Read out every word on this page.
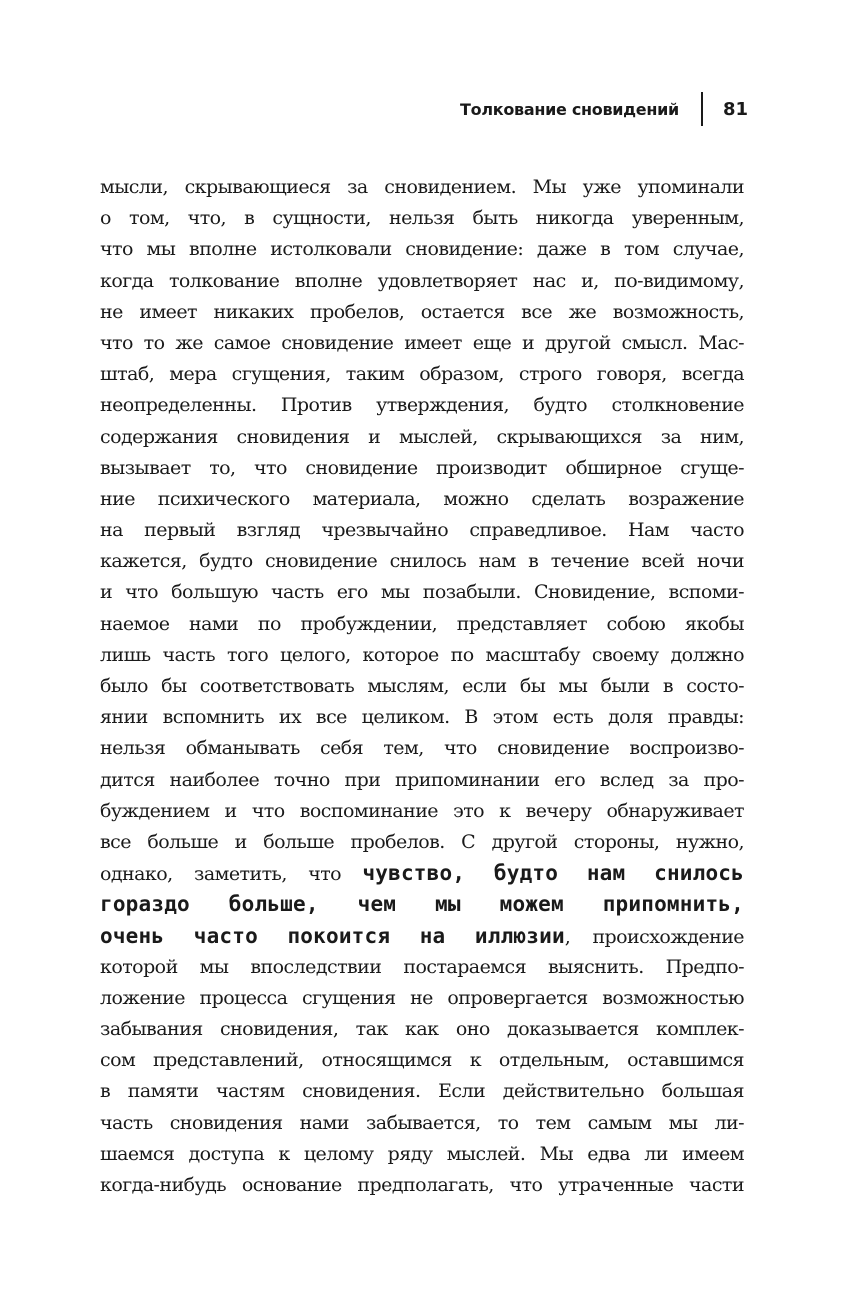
Толкование сновидений 81
мысли, скрывающиеся за сновидением. Мы уже упоминали
о том, что, в сущности, нельзя быть никогда уверенным,
что мы вполне истолковали сновидение: даже в том случае,
когда толкование вполне удовлетворяет нас и, по-видимому,
не имеет никаких пробелов, остается все же возможность,
что то же самое сновидение имеет еще и другой смысл. Мас-
штаб, мера сгущения, таким образом, строго говоря, всегда
неопределенны. Против утверждения, будто столкновение
содержания сновидения и мыслей, скрывающихся за ним,
вызывает то, что сновидение производит обширное сгуще-
ние психического материала, можно сделать возражение
на первый взгляд чрезвычайно справедливое. Нам часто
кажется, будто сновидение снилось нам в течение всей ночи
и что большую часть его мы позабыли. Сновидение, вспоми-
наемое нами по пробуждении, представляет собою якобы
лишь часть того целого, которое по масштабу своему должно
было бы соответствовать мыслям, если бы мы были в состо-
янии вспомнить их все целиком. В этом есть доля правды:
нельзя обманывать себя тем, что сновидение воспроизво-
дится наиболее точно при припоминании его вслед за про-
буждением и что воспоминание это к вечеру обнаруживает
все больше и больше пробелов. С другой стороны, нужно,
однако, заметить, что чувство, будто нам снилось
гораздо больше, чем мы можем припомнить,
очень часто покоится на иллюзии, происхождение
которой мы впоследствии постараемся выяснить. Предпо-
ложение процесса сгущения не опровергается возможностью
забывания сновидения, так как оно доказывается комплек-
сом представлений, относящимся к отдельным, оставшимся
в памяти частям сновидения. Если действительно большая
часть сновидения нами забывается, то тем самым мы ли-
шаемся доступа к целому ряду мыслей. Мы едва ли имеем
когда-нибудь основание предполагать, что утраченные части
